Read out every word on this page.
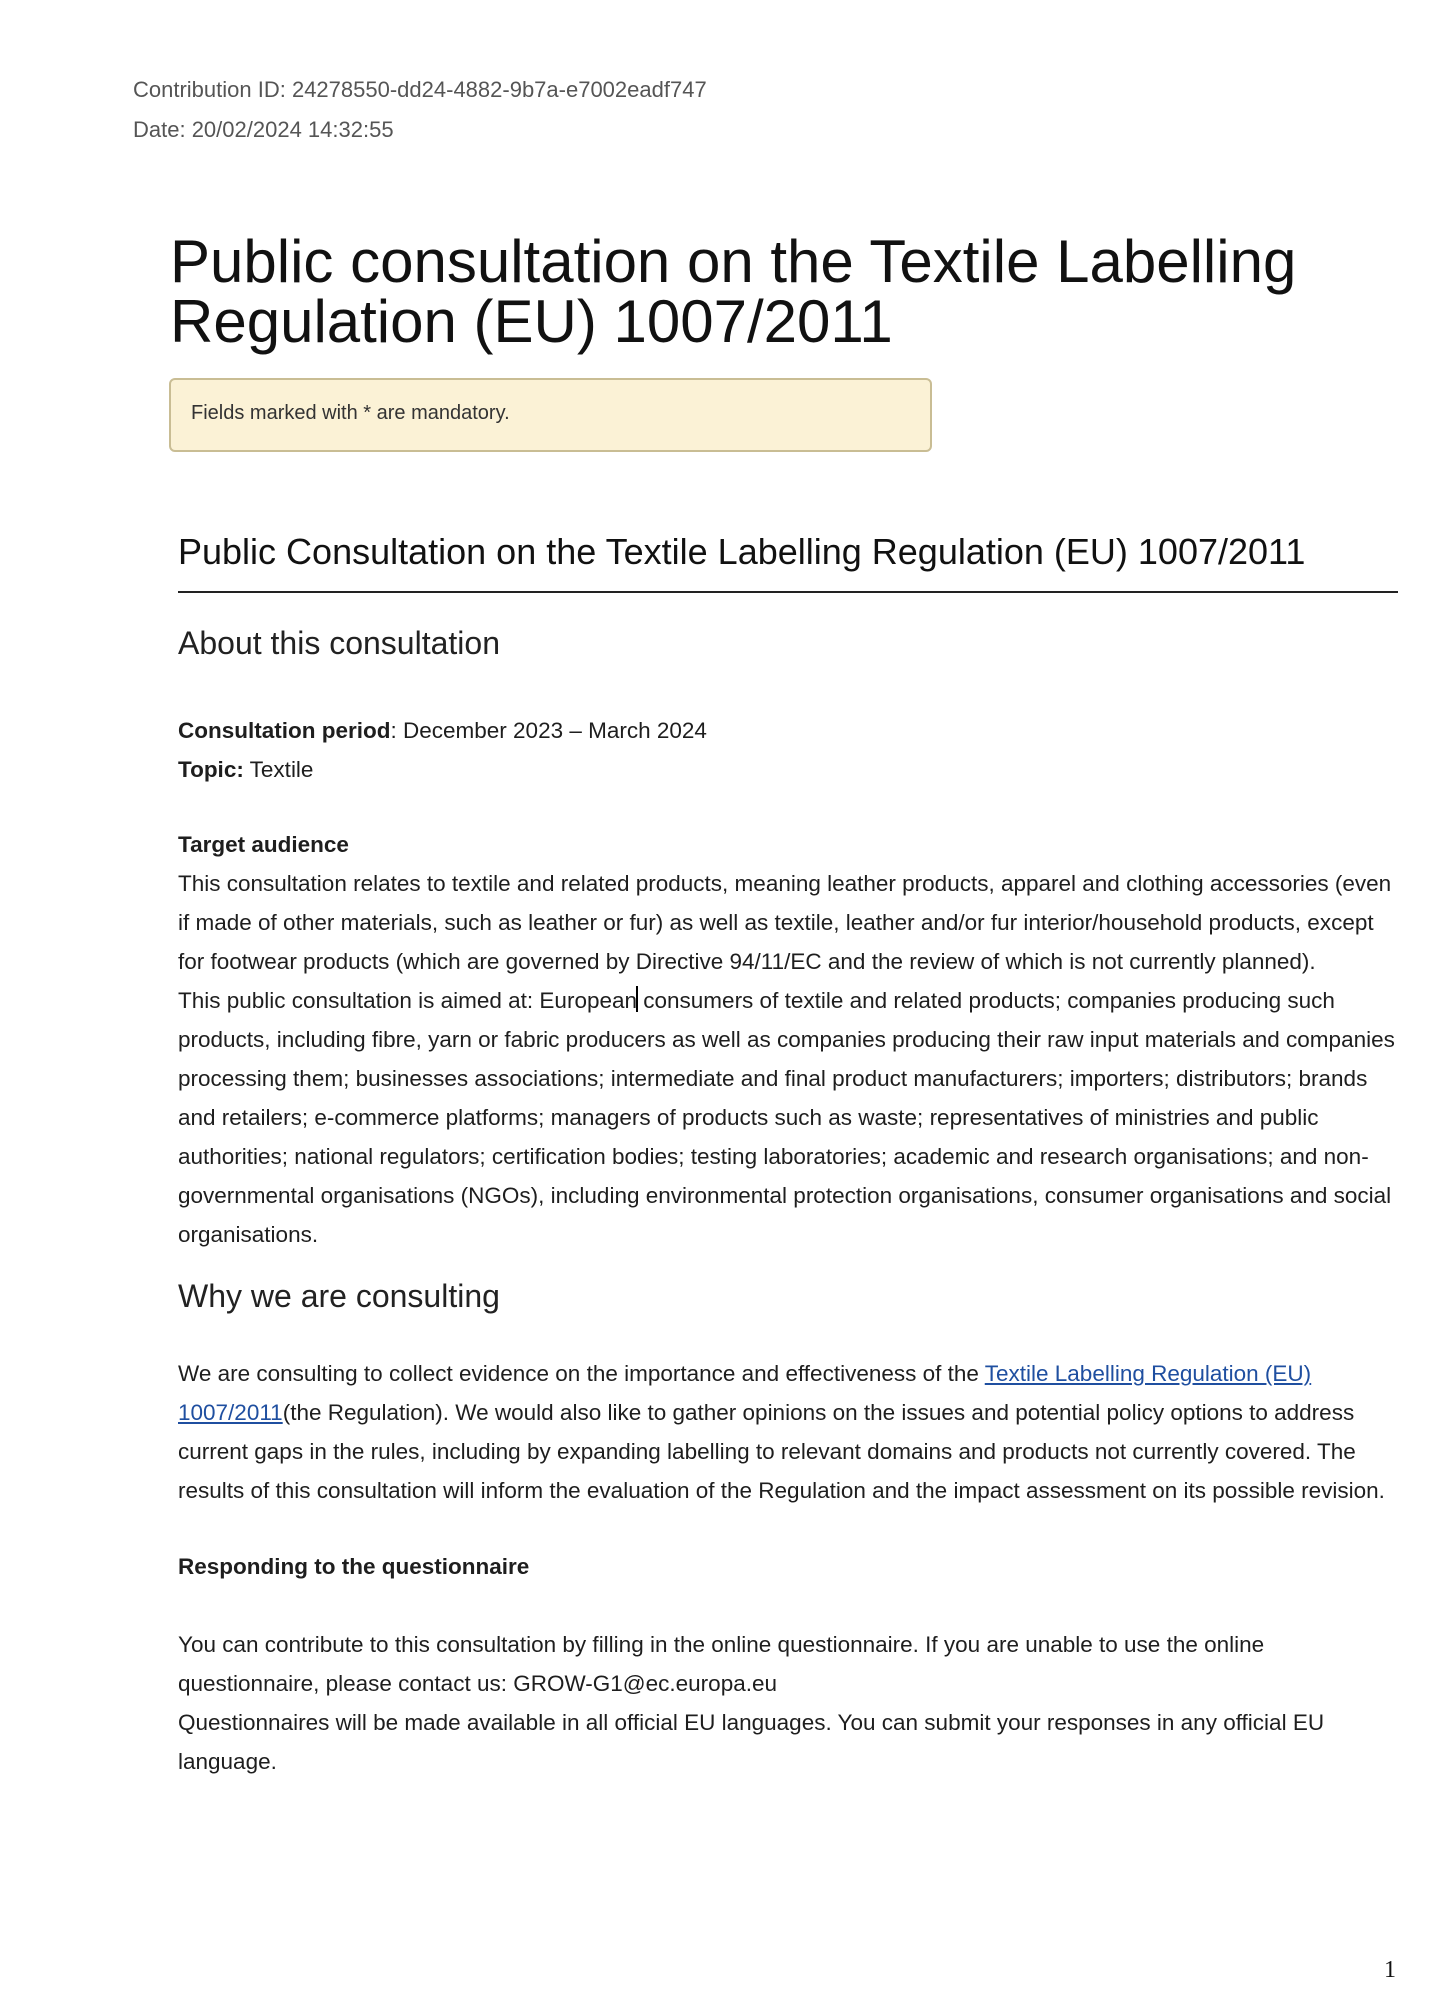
Contribution ID: 24278550-dd24-4882-9b7a-e7002eadf747
Date: 20/02/2024 14:32:55
Public consultation on the Textile Labelling
Regulation (EU) 1007/2011
Fields marked with * are mandatory.
Public Consultation on the Textile Labelling Regulation (EU) 1007/2011
About this consultation

Consultation period: December 2023 – March 2024

Topic: Textile

Target audience

This consultation relates to textile and related products, meaning leather products, apparel and clothing accessories (even if made of other materials, such as leather or fur) as well as textile, leather and/or fur interior/household products, except for footwear products (which are governed by Directive 94/11/EC and the review of which is not currently planned).

This public consultation is aimed at: European consumers of textile and related products; companies producing such products, including fibre, yarn or fabric producers as well as companies producing their raw input materials and companies processing them; businesses associations; intermediate and final product manufacturers; importers; distributors; brands and retailers; e-commerce platforms; managers of products such as waste; representatives of ministries and public authorities; national regulators; certification bodies; testing laboratories; academic and research organisations; and non-governmental organisations (NGOs), including environmental protection organisations, consumer organisations and social organisations.

Why we are consulting

We are consulting to collect evidence on the importance and effectiveness of the Textile Labelling Regulation (EU) 1007/2011(the Regulation). We would also like to gather opinions on the issues and potential policy options to address current gaps in the rules, including by expanding labelling to relevant domains and products not currently covered. The results of this consultation will inform the evaluation of the Regulation and the impact assessment on its possible revision.

Responding to the questionnaire

You can contribute to this consultation by filling in the online questionnaire. If you are unable to use the online questionnaire, please contact us: GROW-G1@ec.europa.eu

Questionnaires will be made available in all official EU languages. You can submit your responses in any official EU language.

1
